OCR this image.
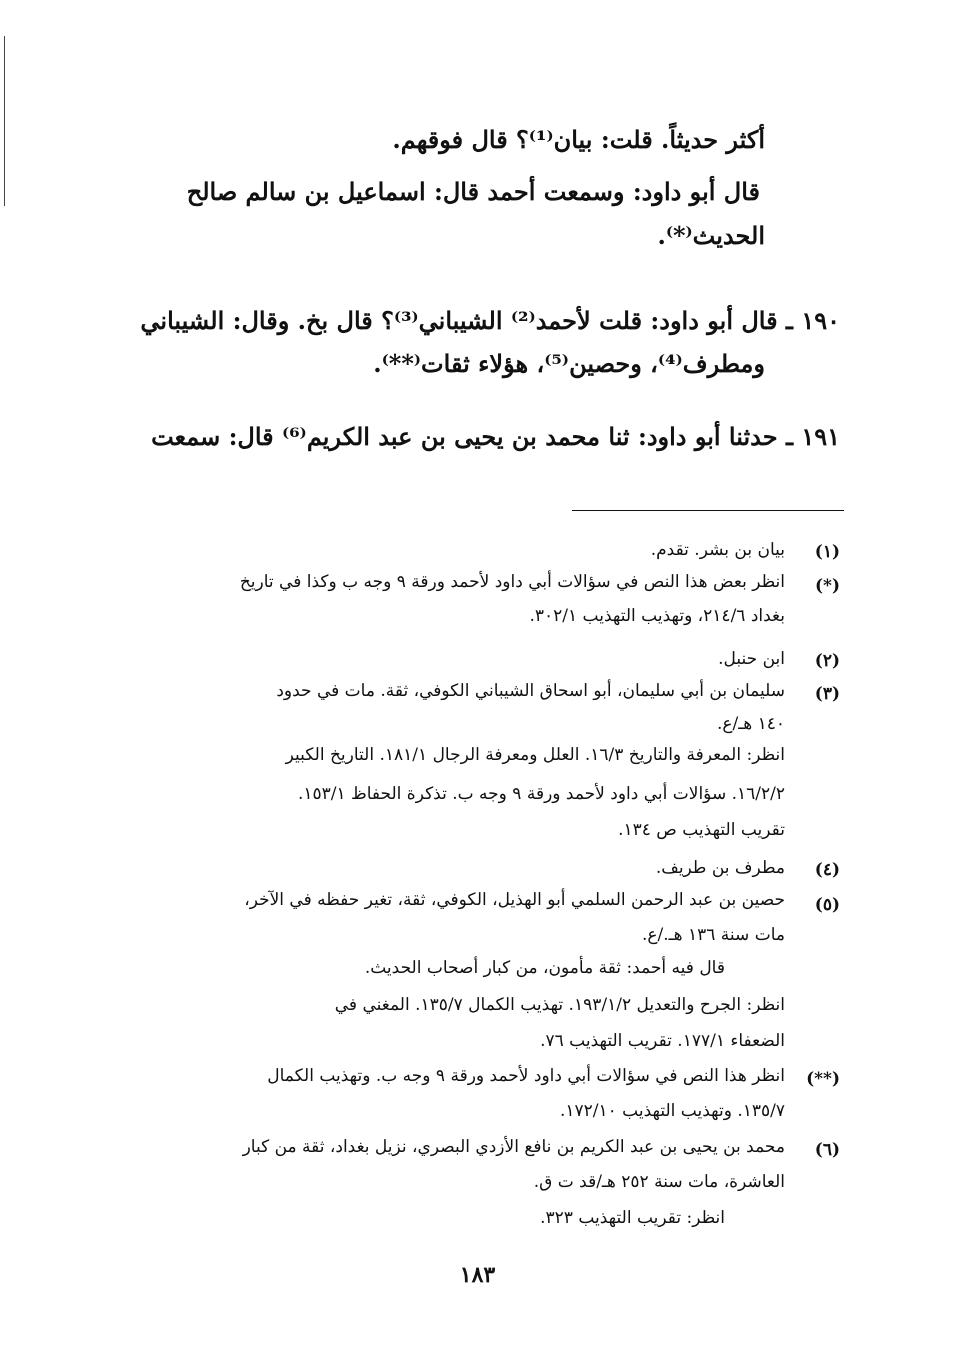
أكثر حديثاً. قلت: بيان⁽¹⁾؟ قال فوقهم.
قال أبو داود: وسمعت أحمد قال: اسماعيل بن سالم صالح
الحديث⁽*⁾.
١٩٠ ـ قال أبو داود: قلت لأحمد⁽²⁾ الشيباني⁽³⁾؟ قال بخ. وقال: الشيباني
ومطرف⁽⁴⁾، وحصين⁽⁵⁾، هؤلاء ثقات⁽**⁾.
١٩١ ـ حدثنا أبو داود: ثنا محمد بن يحيى بن عبد الكريم⁽⁶⁾ قال: سمعت
(١)
(*)
(٢)
(٣)
(٤)
(٥)
(**)
(٦)
بيان بن بشر. تقدم.
انظر بعض هذا النص في سؤالات أبي داود لأحمد ورقة ٩ وجه ب وكذا في تاريخ
بغداد ٢١٤/٦، وتهذيب التهذيب ٣٠٢/١.
ابن حنبل.
سليمان بن أبي سليمان، أبو اسحاق الشيباني الكوفي، ثقة. مات في حدود
١٤٠ هـ/ع.
انظر: المعرفة والتاريخ ١٦/٣. العلل ومعرفة الرجال ١٨١/١. التاريخ الكبير
١٦/٢/٢. سؤالات أبي داود لأحمد ورقة ٩ وجه ب. تذكرة الحفاظ ١٥٣/١.
تقريب التهذيب ص ١٣٤.
مطرف بن طريف.
حصين بن عبد الرحمن السلمي أبو الهذيل، الكوفي، ثقة، تغير حفظه في الآخر،
مات سنة ١٣٦ هـ./ع.
قال فيه أحمد: ثقة مأمون، من كبار أصحاب الحديث.
انظر: الجرح والتعديل ١٩٣/١/٢. تهذيب الكمال ١٣٥/٧. المغني في
الضعفاء ١٧٧/١. تقريب التهذيب ٧٦.
انظر هذا النص في سؤالات أبي داود لأحمد ورقة ٩ وجه ب. وتهذيب الكمال
١٣٥/٧. وتهذيب التهذيب ١٧٢/١٠.
محمد بن يحيى بن عبد الكريم بن نافع الأزدي البصري، نزيل بغداد، ثقة من كبار
العاشرة، مات سنة ٢٥٢ هـ/قد ت ق.
انظر: تقريب التهذيب ٣٢٣.
١٨٣
